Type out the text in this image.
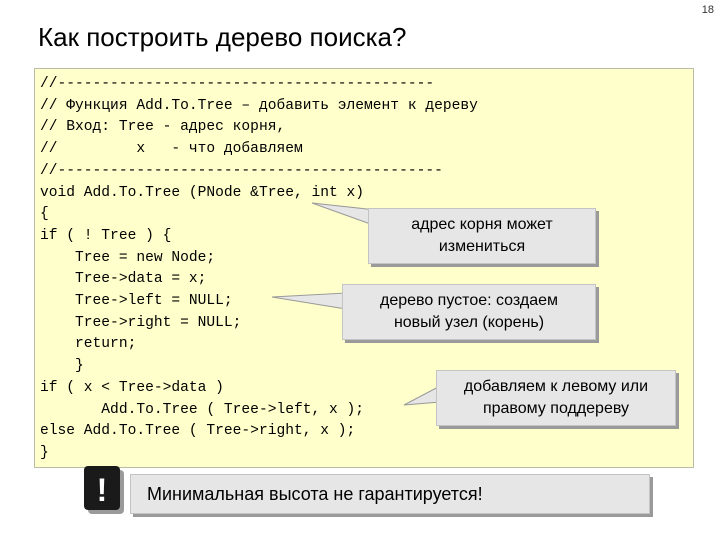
18
Как построить дерево поиска?
//-------------------------------------------
// Функция Add.To.Tree – добавить элемент к дереву
// Вход: Tree - адрес корня,
//         x   - что добавляем
//--------------------------------------------
void Add.To.Tree (PNode &Tree, int x)
{
if ( ! Tree ) {
Tree = new Node;
Tree->data = x;
Tree->left = NULL;
Tree->right = NULL;
return;
}
if ( x < Tree->data )
Add.To.Tree ( Tree->left, x );
else Add.To.Tree ( Tree->right, x );
}
адрес корня может
измениться
дерево пустое: создаем
новый узел (корень)
добавляем к левому или
правому поддереву
! Минимальная высота не гарантируется!
